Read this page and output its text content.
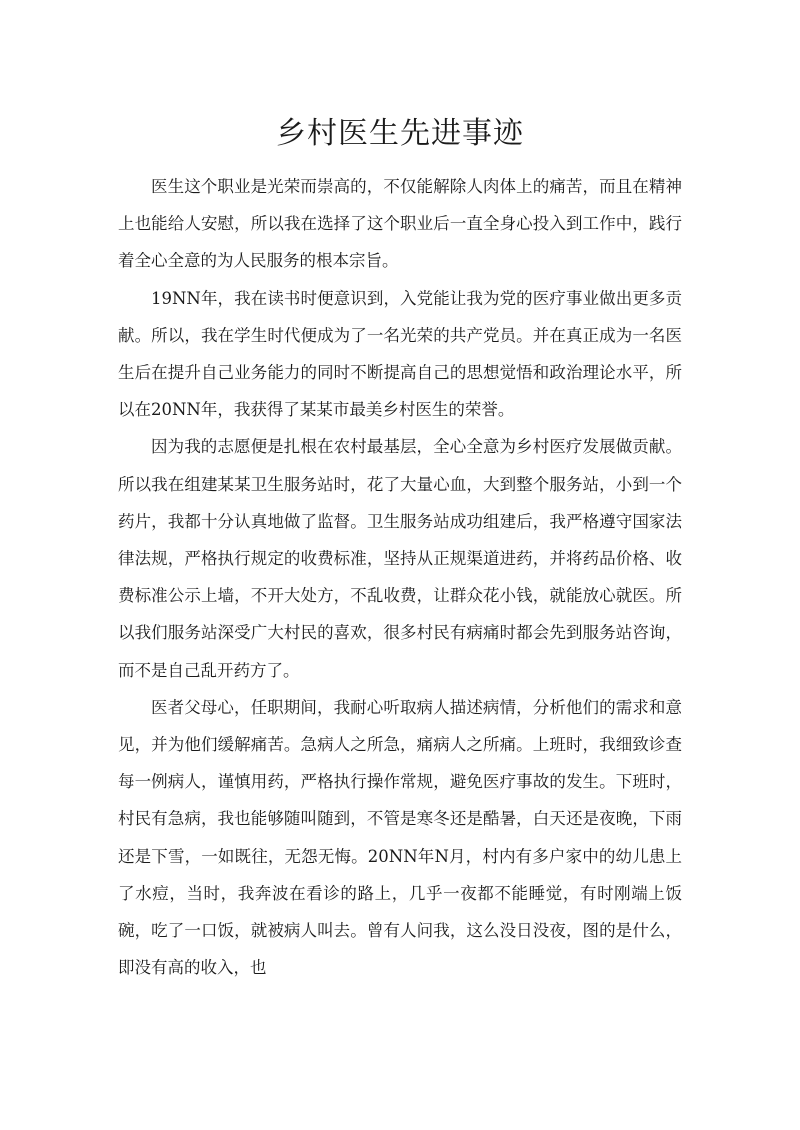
乡村医生先进事迹

医生这个职业是光荣而崇高的，不仅能解除人肉体上的痛苦，而且在精神上也能给人安慰，所以我在选择了这个职业后一直全身心投入到工作中，践行着全心全意的为人民服务的根本宗旨。

19NN年，我在读书时便意识到，入党能让我为党的医疗事业做出更多贡献。所以，我在学生时代便成为了一名光荣的共产党员。并在真正成为一名医生后在提升自己业务能力的同时不断提高自己的思想觉悟和政治理论水平，所以在20NN年，我获得了某某市最美乡村医生的荣誉。

因为我的志愿便是扎根在农村最基层，全心全意为乡村医疗发展做贡献。所以我在组建某某卫生服务站时，花了大量心血，大到整个服务站，小到一个药片，我都十分认真地做了监督。卫生服务站成功组建后，我严格遵守国家法律法规，严格执行规定的收费标准，坚持从正规渠道进药，并将药品价格、收费标准公示上墙，不开大处方，不乱收费，让群众花小钱，就能放心就医。所以我们服务站深受广大村民的喜欢，很多村民有病痛时都会先到服务站咨询，而不是自己乱开药方了。

医者父母心，任职期间，我耐心听取病人描述病情，分析他们的需求和意见，并为他们缓解痛苦。急病人之所急，痛病人之所痛。上班时，我细致诊查每一例病人，谨慎用药，严格执行操作常规，避免医疗事故的发生。下班时，村民有急病，我也能够随叫随到，不管是寒冬还是酷暑，白天还是夜晚，下雨还是下雪，一如既往，无怨无悔。20NN年N月，村内有多户家中的幼儿患上了水痘，当时，我奔波在看诊的路上，几乎一夜都不能睡觉，有时刚端上饭碗，吃了一口饭，就被病人叫去。曾有人问我，这么没日没夜，图的是什么，即没有高的收入，也
